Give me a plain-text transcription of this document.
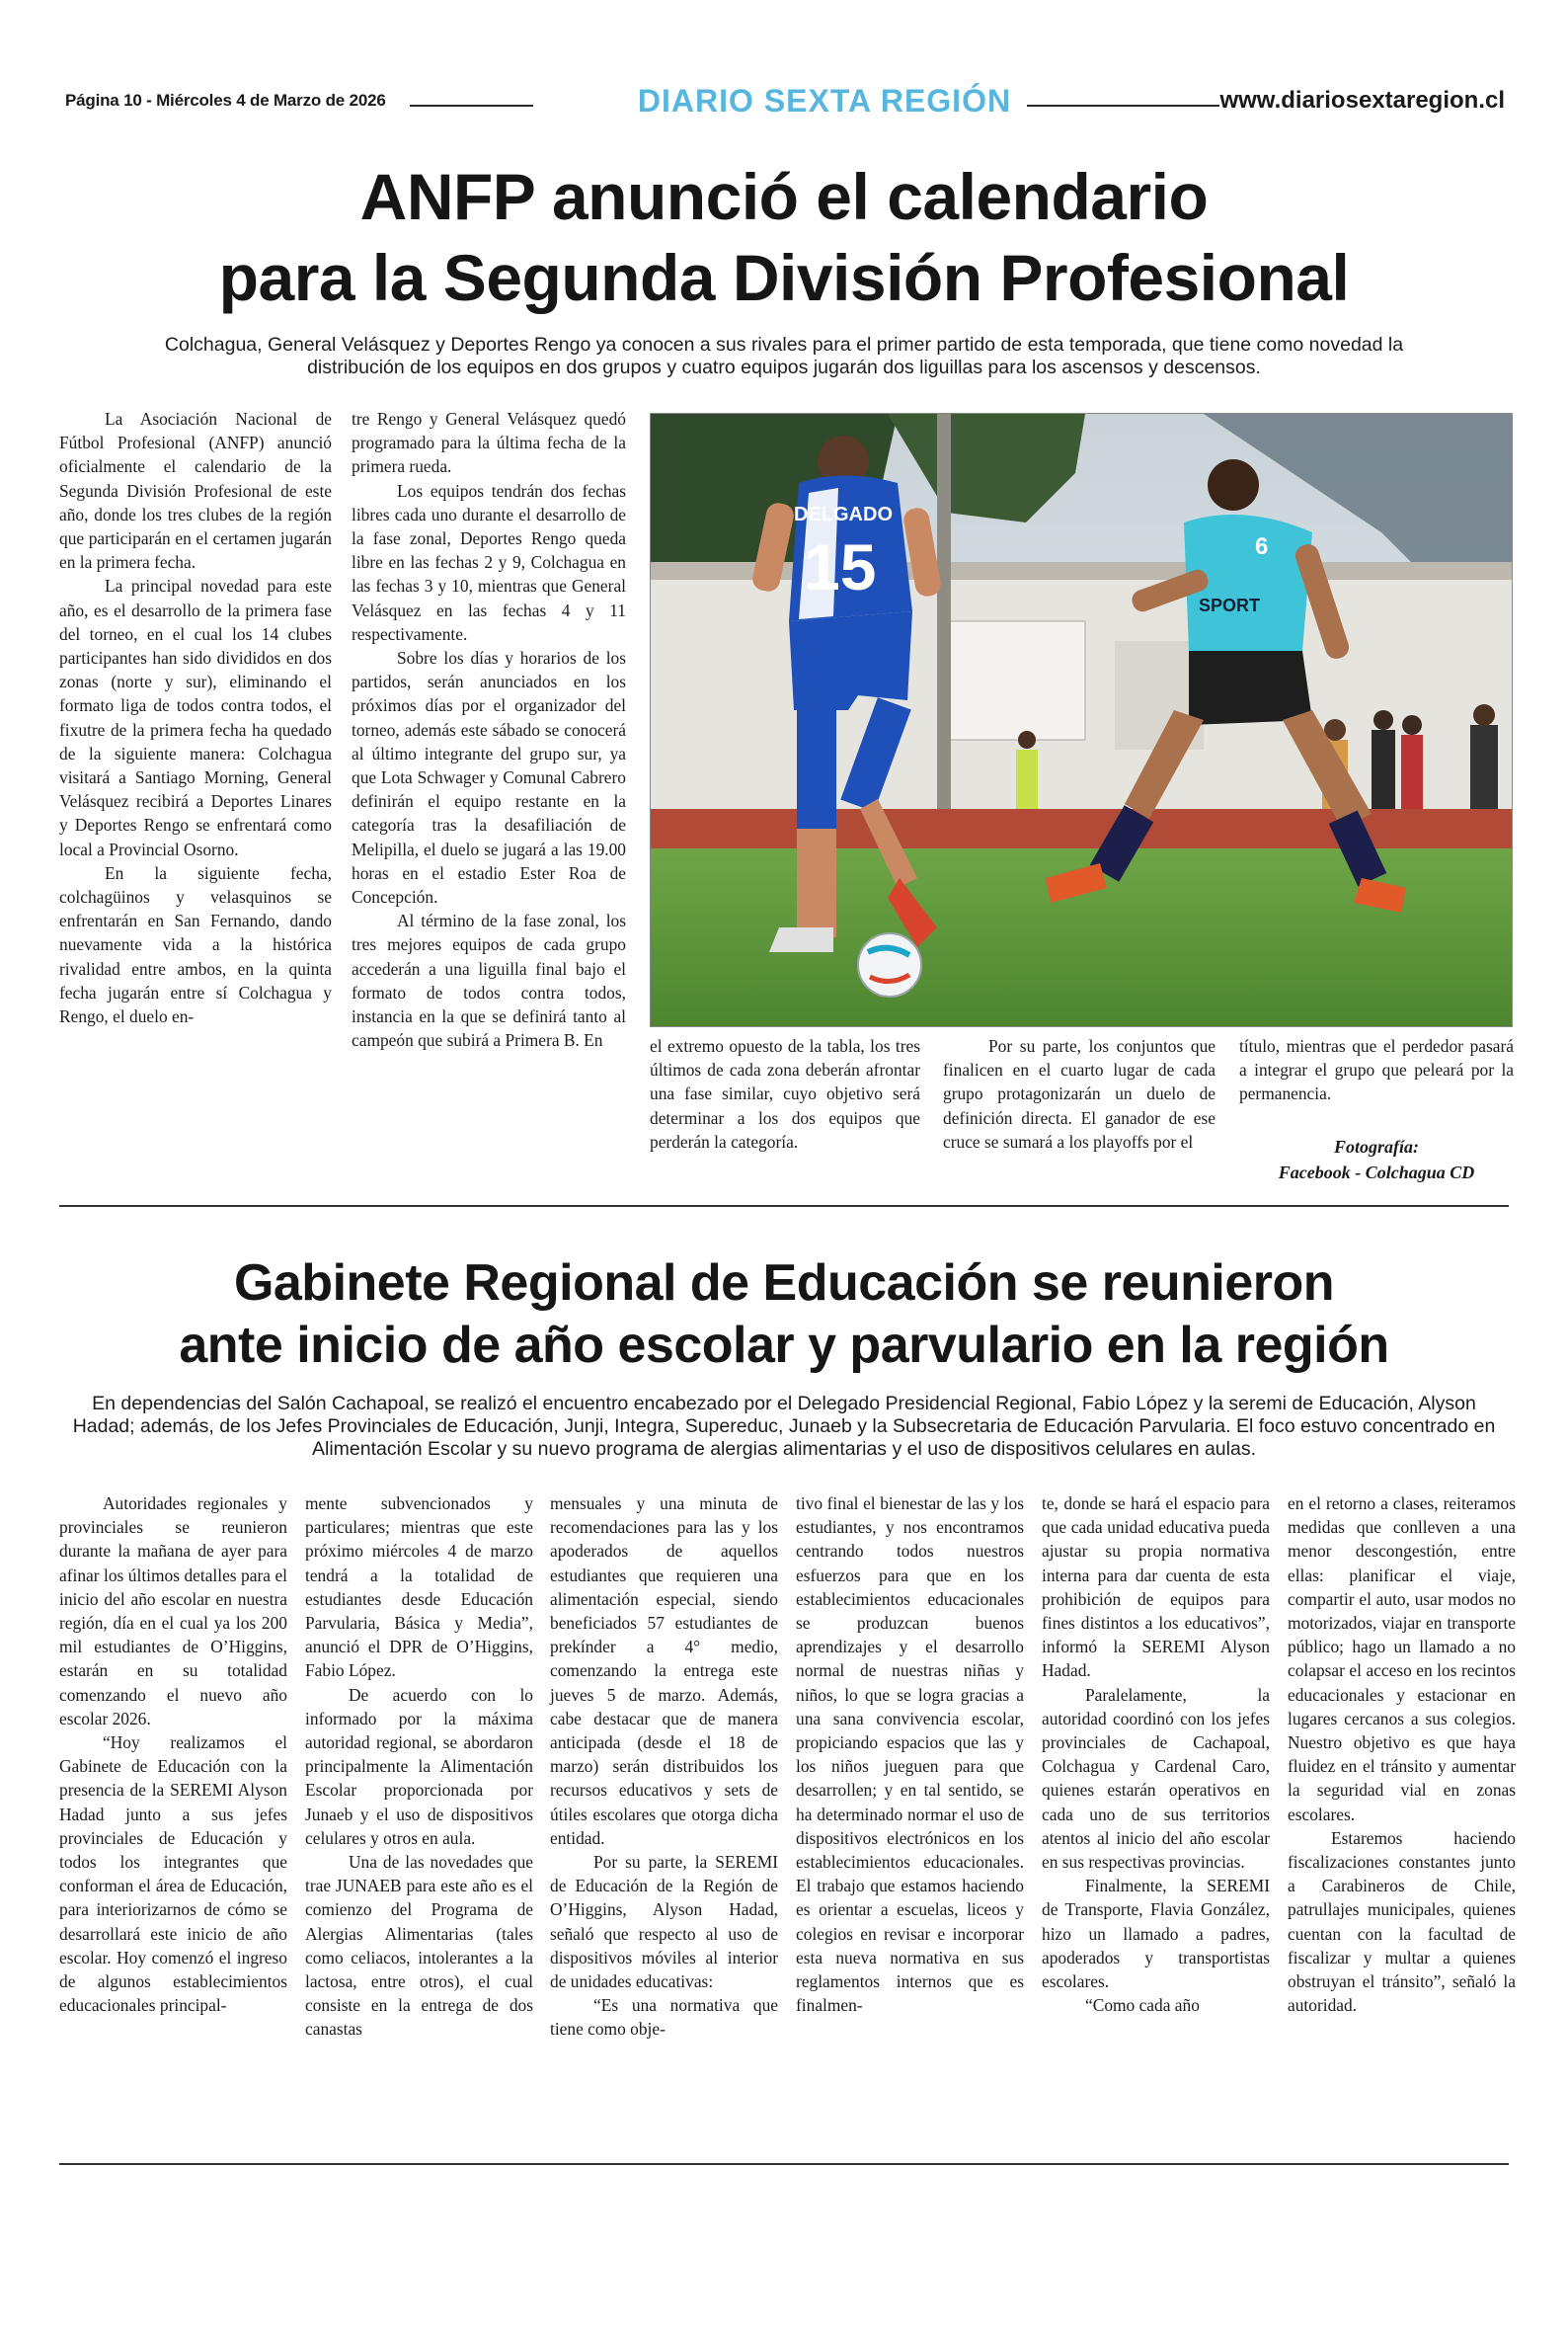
Página 10 - Miércoles 4 de Marzo de 2026	DIARIO SEXTA REGIÓN	www.diariosextaregion.cl
ANFP anunció el calendario
para la Segunda División Profesional
Colchagua, General Velásquez y Deportes Rengo ya conocen a sus rivales para el primer partido de esta temporada, que tiene como novedad la distribución de los equipos en dos grupos y cuatro equipos jugarán dos liguillas para los ascensos y descensos.

La Asociación Nacional de Fútbol Profesional (ANFP) anunció oficialmente el calendario de la Segunda División Profesional de este año, donde los tres clubes de la región que participarán en el certamen jugarán en la primera fecha.

La principal novedad para este año, es el desarrollo de la primera fase del torneo, en el cual los 14 clubes participantes han sido divididos en dos zonas (norte y sur), eliminando el formato liga de todos contra todos, el fixutre de la primera fecha ha quedado de la siguiente manera: Colchagua visitará a Santiago Morning, General Velásquez recibirá a Deportes Linares y Deportes Rengo se enfrentará como local a Provincial Osorno.

En la siguiente fecha, colchagüinos y velasquinos se enfrentarán en San Fernando, dando nuevamente vida a la histórica rivalidad entre ambos, en la quinta fecha jugarán entre sí Colchagua y Rengo, el duelo en-

tre Rengo y General Velásquez quedó programado para la última fecha de la primera rueda.

Los equipos tendrán dos fechas libres cada uno durante el desarrollo de la fase zonal, Deportes Rengo queda libre en las fechas 2 y 9, Colchagua en las fechas 3 y 10, mientras que General Velásquez en las fechas 4 y 11 respectivamente.

Sobre los días y horarios de los partidos, serán anunciados en los próximos días por el organizador del torneo, además este sábado se conocerá al último integrante del grupo sur, ya que Lota Schwager y Comunal Cabrero definirán el equipo restante en la categoría tras la desafiliación de Melipilla, el duelo se jugará a las 19.00 horas en el estadio Ester Roa de Concepción.

Al término de la fase zonal, los tres mejores equipos de cada grupo accederán a una liguilla final bajo el formato de todos contra todos, instancia en la que se definirá tanto al campeón que subirá a Primera B. En

DELGADO
15	6
SPORT

el extremo opuesto de la tabla, los tres últimos de cada zona deberán afrontar una fase similar, cuyo objetivo será determinar a los dos equipos que perderán la categoría.

Por su parte, los conjuntos que finalicen en el cuarto lugar de cada grupo protagonizarán un duelo de definición directa. El ganador de ese cruce se sumará a los playoffs por el

título, mientras que el perdedor pasará a integrar el grupo que peleará por la permanencia.

Fotografía:
Facebook - Colchagua CD
Gabinete Regional de Educación se reunieron
ante inicio de año escolar y parvulario en la región
En dependencias del Salón Cachapoal, se realizó el encuentro encabezado por el Delegado Presidencial Regional, Fabio López y la seremi de Educación, Alyson Hadad; además, de los Jefes Provinciales de Educación, Junji, Integra, Supereduc, Junaeb y la Subsecretaria de Educación Parvularia. El foco estuvo concentrado en Alimentación Escolar y su nuevo programa de alergias alimentarias y el uso de dispositivos celulares en aulas.

Autoridades regionales y provinciales se reunieron durante la mañana de ayer para afinar los últimos detalles para el inicio del año escolar en nuestra región, día en el cual ya los 200 mil estudiantes de O’Higgins, estarán en su totalidad comenzando el nuevo año escolar 2026.

“Hoy realizamos el Gabinete de Educación con la presencia de la SEREMI Alyson Hadad junto a sus jefes provinciales de Educación y todos los integrantes que conforman el área de Educación, para interiorizarnos de cómo se desarrollará este inicio de año escolar. Hoy comenzó el ingreso de algunos establecimientos educacionales principal-

mente subvencionados y particulares; mientras que este próximo miércoles 4 de marzo tendrá a la totalidad de estudiantes desde Educación Parvularia, Básica y Media”, anunció el DPR de O’Higgins, Fabio López.

De acuerdo con lo informado por la máxima autoridad regional, se abordaron principalmente la Alimentación Escolar proporcionada por Junaeb y el uso de dispositivos celulares y otros en aula.

Una de las novedades que trae JUNAEB para este año es el comienzo del Programa de Alergias Alimentarias (tales como celiacos, intolerantes a la lactosa, entre otros), el cual consiste en la entrega de dos canastas

mensuales y una minuta de recomendaciones para las y los apoderados de aquellos estudiantes que requieren una alimentación especial, siendo beneficiados 57 estudiantes de prekínder a 4° medio, comenzando la entrega este jueves 5 de marzo. Además, cabe destacar que de manera anticipada (desde el 18 de marzo) serán distribuidos los recursos educativos y sets de útiles escolares que otorga dicha entidad.

Por su parte, la SEREMI de Educación de la Región de O’Higgins, Alyson Hadad, señaló que respecto al uso de dispositivos móviles al interior de unidades educativas:

“Es una normativa que tiene como obje-

tivo final el bienestar de las y los estudiantes, y nos encontramos centrando todos nuestros esfuerzos para que en los establecimientos educacionales se produzcan buenos aprendizajes y el desarrollo normal de nuestras niñas y niños, lo que se logra gracias a una sana convivencia escolar, propiciando espacios que las y los niños jueguen para que desarrollen; y en tal sentido, se ha determinado normar el uso de dispositivos electrónicos en los establecimientos educacionales. El trabajo que estamos haciendo es orientar a escuelas, liceos y colegios en revisar e incorporar esta nueva normativa en sus reglamentos internos que es finalmen-

te, donde se hará el espacio para que cada unidad educativa pueda ajustar su propia normativa interna para dar cuenta de esta prohibición de equipos para fines distintos a los educativos”, informó la SEREMI Alyson Hadad.

Paralelamente, la autoridad coordinó con los jefes provinciales de Cachapoal, Colchagua y Cardenal Caro, quienes estarán operativos en cada uno de sus territorios atentos al inicio del año escolar en sus respectivas provincias.

Finalmente, la SEREMI de Transporte, Flavia González, hizo un llamado a padres, apoderados y transportistas escolares.

“Como cada año

en el retorno a clases, reiteramos medidas que conlleven a una menor descongestión, entre ellas: planificar el viaje, compartir el auto, usar modos no motorizados, viajar en transporte público; hago un llamado a no colapsar el acceso en los recintos educacionales y estacionar en lugares cercanos a sus colegios. Nuestro objetivo es que haya fluidez en el tránsito y aumentar la seguridad vial en zonas escolares.

Estaremos haciendo fiscalizaciones constantes junto a Carabineros de Chile, patrullajes municipales, quienes cuentan con la facultad de fiscalizar y multar a quienes obstruyan el tránsito”, señaló la autoridad.
